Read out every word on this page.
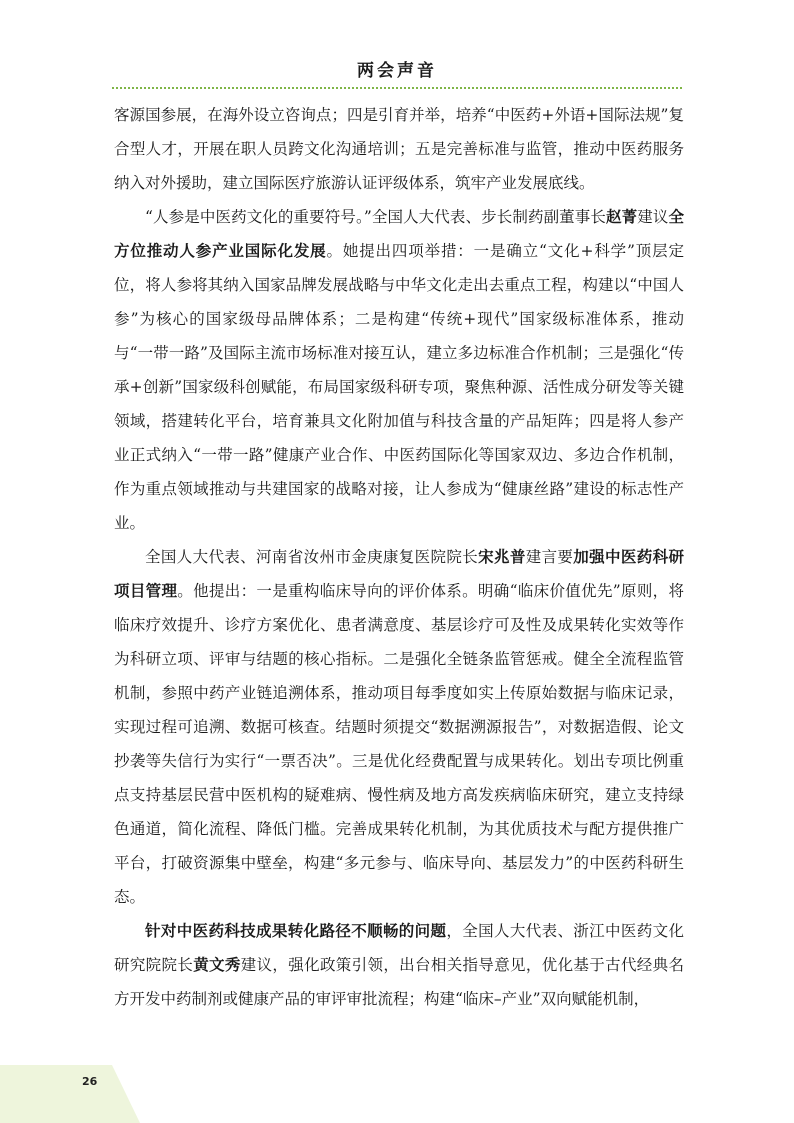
两会声音

客源国参展，在海外设立咨询点；四是引育并举，培养“中医药+外语+国际法规”复合型人才，开展在职人员跨文化沟通培训；五是完善标准与监管，推动中医药服务纳入对外援助，建立国际医疗旅游认证评级体系，筑牢产业发展底线。

“人参是中医药文化的重要符号。”全国人大代表、步长制药副董事长赵菁建议全方位推动人参产业国际化发展。她提出四项举措：一是确立“文化+科学”顶层定位，将人参将其纳入国家品牌发展战略与中华文化走出去重点工程，构建以“中国人参”为核心的国家级母品牌体系；二是构建“传统+现代”国家级标准体系，推动与“一带一路”及国际主流市场标准对接互认，建立多边标准合作机制；三是强化“传承+创新”国家级科创赋能，布局国家级科研专项，聚焦种源、活性成分研发等关键领域，搭建转化平台，培育兼具文化附加值与科技含量的产品矩阵；四是将人参产业正式纳入“一带一路”健康产业合作、中医药国际化等国家双边、多边合作机制，作为重点领域推动与共建国家的战略对接，让人参成为“健康丝路”建设的标志性产业。

全国人大代表、河南省汝州市金庚康复医院院长宋兆普建言要加强中医药科研项目管理。他提出：一是重构临床导向的评价体系。明确“临床价值优先”原则，将临床疗效提升、诊疗方案优化、患者满意度、基层诊疗可及性及成果转化实效等作为科研立项、评审与结题的核心指标。二是强化全链条监管惩戒。健全全流程监管机制，参照中药产业链追溯体系，推动项目每季度如实上传原始数据与临床记录，实现过程可追溯、数据可核查。结题时须提交“数据溯源报告”，对数据造假、论文抄袭等失信行为实行“一票否决”。三是优化经费配置与成果转化。划出专项比例重点支持基层民营中医机构的疑难病、慢性病及地方高发疾病临床研究，建立支持绿色通道，简化流程、降低门槛。完善成果转化机制，为其优质技术与配方提供推广平台，打破资源集中壁垒，构建“多元参与、临床导向、基层发力”的中医药科研生态。

针对中医药科技成果转化路径不顺畅的问题，全国人大代表、浙江中医药文化研究院院长黄文秀建议，强化政策引领，出台相关指导意见，优化基于古代经典名方开发中药制剂或健康产品的审评审批流程；构建“临床–产业”双向赋能机制，

26
